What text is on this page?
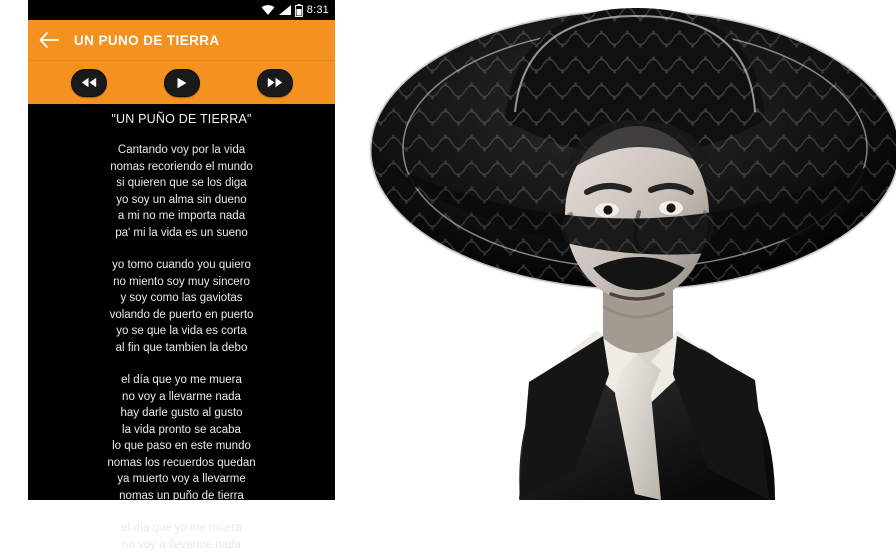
8:31
UN PUNO DE TIERRA
"UN PUÑO DE TIERRA"
Cantando voy por la vida
nomas recoriendo el mundo
si quieren que se los diga
yo soy un alma sin dueno
a mi no me importa nada
pa' mi la vida es un sueno
yo tomo cuando you quiero
no miento soy muy sincero
y soy como las gaviotas
volando de puerto en puerto
yo se que la vida es corta
al fin que tambien la debo
el día que yo me muera
no voy a llevarme nada
hay darle gusto al gusto
la vida pronto se acaba
lo que paso en este mundo
nomas los recuerdos quedan
ya muerto voy a llevarme
nomas un puño de tierra
el día que yo me muera
no voy a llevarme nada
